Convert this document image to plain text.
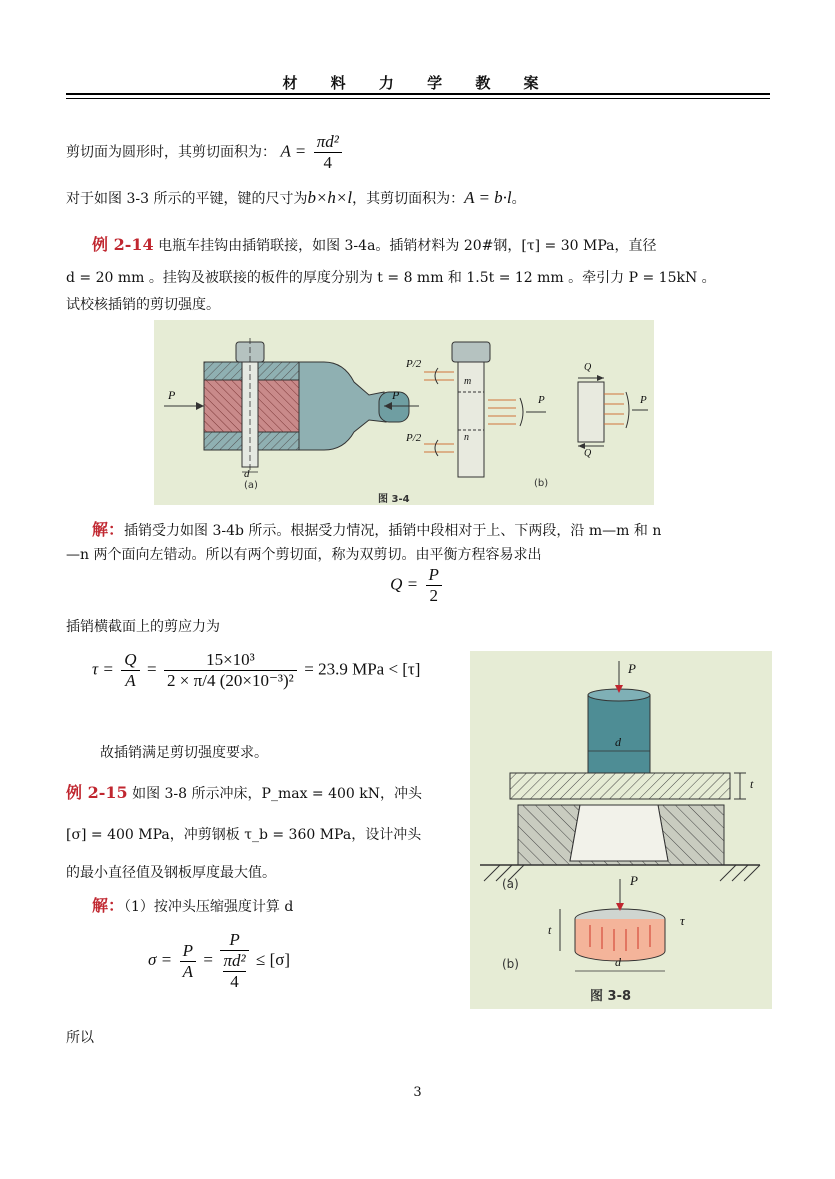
材 料 力 学 教 案
剪切面为圆形时，其剪切面积为： $A = \frac{\text{πd²}}{4}$
对于如图 3-3 所示的平键，键的尺寸为b×h×l，其剪切面积为：A = b·l。
例 2-14 电瓶车挂钩由插销联接，如图 3-4a。插销材料为 20#钢，[τ] = 30 MPa，直径
d = 20 mm 。挂钩及被联接的板件的厚度分别为 t = 8 mm 和 1.5t = 12 mm 。牵引力 P = 15kN 。
试校核插销的剪切强度。
P	P
d
(a)
P/2
P/2
m
n
P
Q
Q
P
(b)
图 3-4
解：插销受力如图 3-4b 所示。根据受力情况，插销中段相对于上、下两段，沿 m—m 和 n
—n 两个面向左错动。所以有两个剪切面，称为双剪切。由平衡方程容易求出
$Q = \frac{P}{2}$
插销横截面上的剪应力为
$\tau = \frac{Q}{A} = \frac{\text{15×10³}}{\text{2 × π/4 (20×10⁻³)²}} = 23.9$ MPa < [τ]
故插销满足剪切强度要求。
例 2-15 如图 3-8 所示冲床，P_max = 400 kN，冲头
[σ] = 400 MPa，冲剪钢板 τ_b = 360 MPa，设计冲头
的最小直径值及钢板厚度最大值。
解：（1）按冲头压缩强度计算 d
$\sigma = \frac{P}{A} = P$
πd²
4 ≤ [σ]
所以
P
d
t
(a)	P
t
τ
d
(b)
图 3-8
3
